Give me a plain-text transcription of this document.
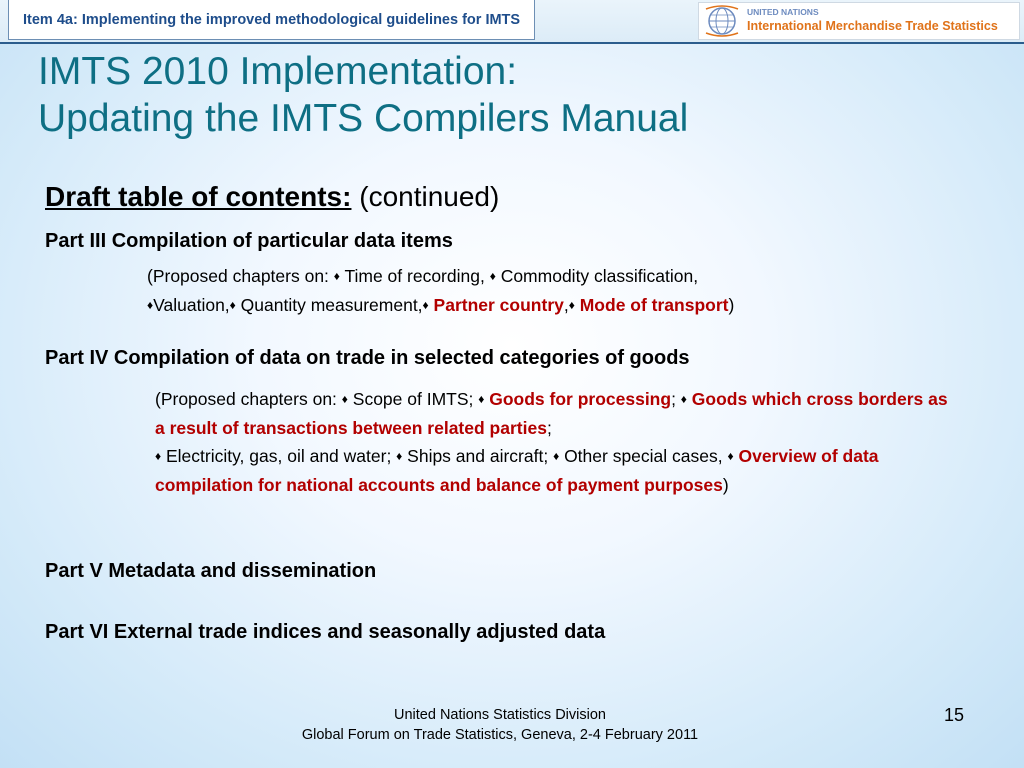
Item 4a: Implementing the improved methodological guidelines for IMTS	UNITED NATIONS
International Merchandise Trade Statistics
IMTS 2010 Implementation:
Updating the IMTS Compilers Manual
Draft table of contents: (continued)
Part III Compilation of particular data items
(Proposed chapters on: ♦ Time of recording, ♦ Commodity classification,
♦Valuation,♦ Quantity measurement,♦ Partner country,♦ Mode of transport)
Part IV Compilation of data on trade in selected categories of goods
(Proposed chapters on: ♦ Scope of IMTS; ♦ Goods for processing; ♦ Goods which cross borders as a result of transactions between related parties;
♦ Electricity, gas, oil and water; ♦ Ships and aircraft; ♦ Other special cases, ♦ Overview of data compilation for national accounts and balance of payment purposes)
Part V Metadata and dissemination
Part VI External trade indices and seasonally adjusted data
United Nations Statistics Division
Global Forum on Trade Statistics, Geneva, 2-4 February 2011
15
